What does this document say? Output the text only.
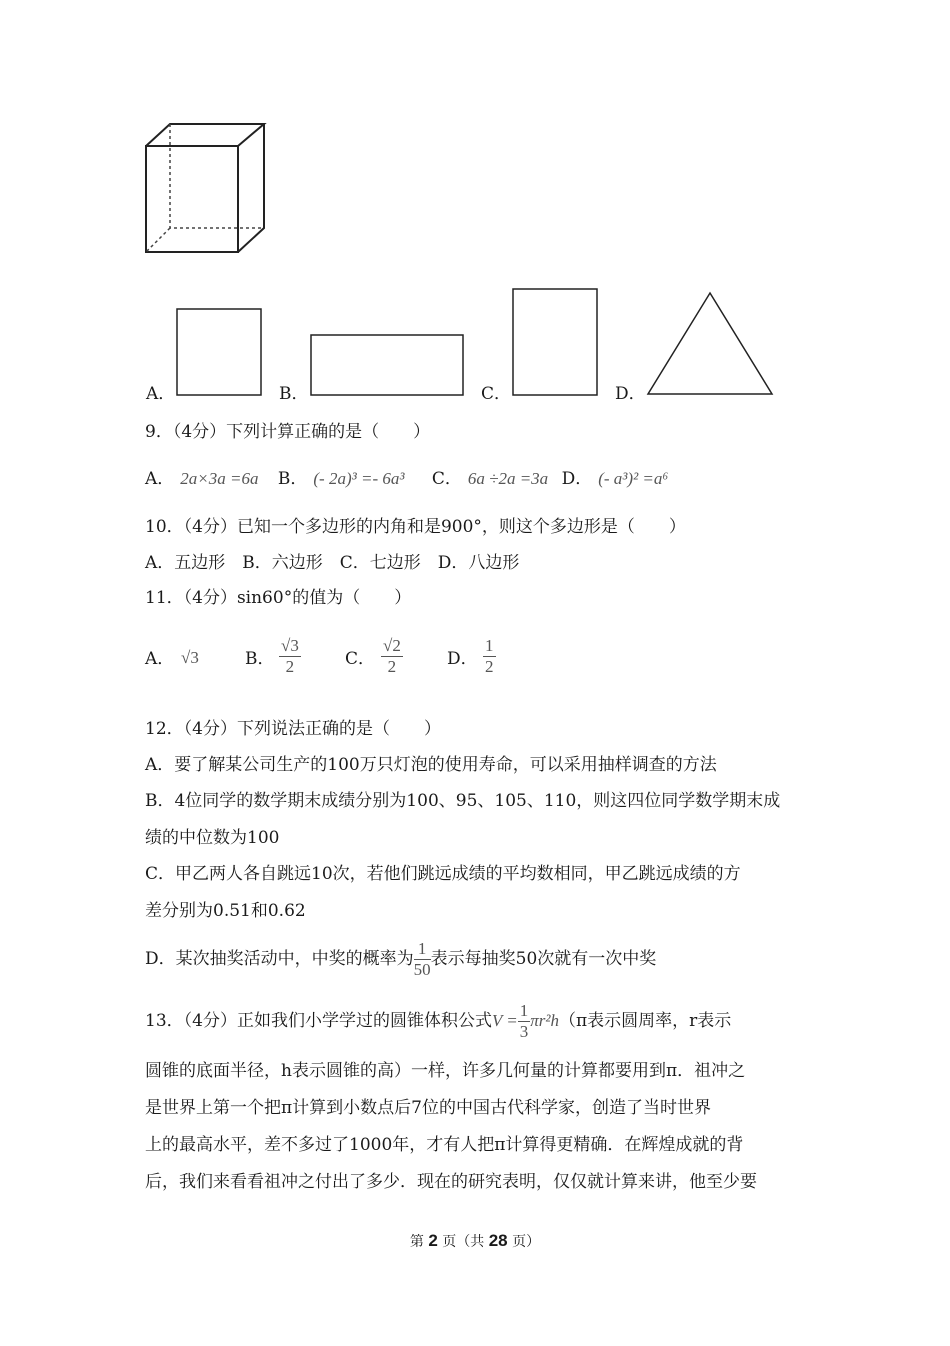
A．	B．	C．	D．
9．（4分）下列计算正确的是（　　）
A． 2a×3a =6a B． (- 2a)³ =- 6a³ C． 6a ÷2a =3a D． (- a³)² =a⁶
10．（4分）已知一个多边形的内角和是900°，则这个多边形是（　　）
A．五边形　B．六边形　C．七边形　D．八边形
11．（4分）sin60°的值为（　　）
A． √3	B． $\frac{√3}{2}$	C． $\frac{√2}{2}$	D． $\frac{1}{2}$
12．（4分）下列说法正确的是（　　）
A．要了解某公司生产的100万只灯泡的使用寿命，可以采用抽样调查的方法
B．4位同学的数学期末成绩分别为100、95、105、110，则这四位同学数学期末成
绩的中位数为100
C．甲乙两人各自跳远10次，若他们跳远成绩的平均数相同，甲乙跳远成绩的方
差分别为0.51和0.62
D．某次抽奖活动中，中奖的概率为 $\frac{1}{50}$ 表示每抽奖50次就有一次中奖
13．（4分）正如我们小学学过的圆锥体积公式$V = \frac{1}{3} \pi r^2h(\pi$表示圆周率，r表示
圆锥的底面半径，h表示圆锥的高）一样，许多几何量的计算都要用到π．祖冲之
是世界上第一个把π计算到小数点后7位的中国古代科学家，创造了当时世界
上的最高水平，差不多过了1000年，才有人把π计算得更精确．在辉煌成就的背
后，我们来看看祖冲之付出了多少．现在的研究表明，仅仅就计算来讲，他至少要
第 2 页（共 28 页）
